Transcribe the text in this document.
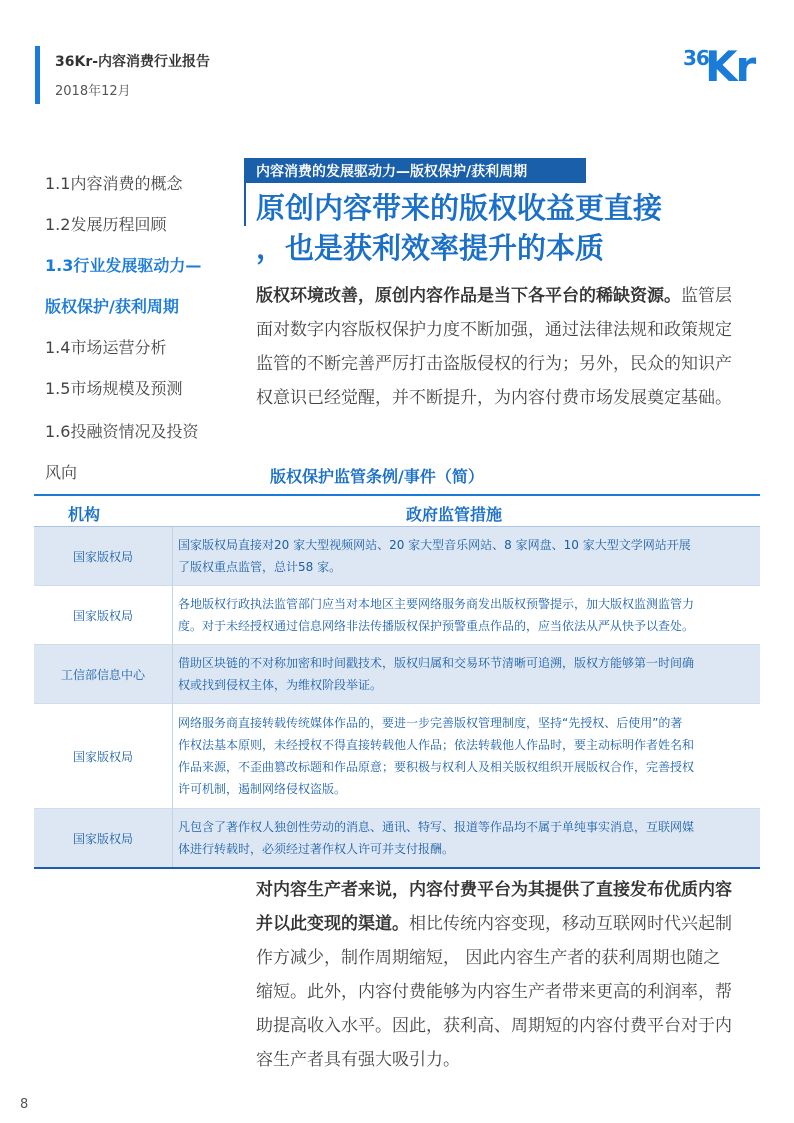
36Kr-内容消费行业报告
2018年12月
36
Kr
1.1内容消费的概念
1.2发展历程回顾
1.3行业发展驱动力—
版权保护/获利周期
1.4市场运营分析
1.5市场规模及预测
1.6投融资情况及投资
风向
内容消费的发展驱动力—版权保护/获利周期
原创内容带来的版权收益更直接
，也是获利效率提升的本质
版权环境改善，原创内容作品是当下各平台的稀缺资源。监管层面对数字内容版权保护力度不断加强，通过法律法规和政策规定监管的不断完善严厉打击盗版侵权的行为；另外，民众的知识产权意识已经觉醒，并不断提升，为内容付费市场发展奠定基础。
版权保护监管条例/事件（简）
机构	政府监管措施
国家版权局
国家版权局直接对20 家大型视频网站、20 家大型音乐网站、8 家网盘、10 家大型文学网站开展
了版权重点监管，总计58 家。
国家版权局
各地版权行政执法监管部门应当对本地区主要网络服务商发出版权预警提示，加大版权监测监管力
度。对于未经授权通过信息网络非法传播版权保护预警重点作品的，应当依法从严从快予以查处。
工信部信息中心
借助区块链的不对称加密和时间戳技术，版权归属和交易环节清晰可追溯，版权方能够第一时间确
权或找到侵权主体，为维权阶段举证。
国家版权局
网络服务商直接转载传统媒体作品的，要进一步完善版权管理制度，坚持“先授权、后使用”的著
作权法基本原则，未经授权不得直接转载他人作品；依法转载他人作品时，要主动标明作者姓名和
作品来源，不歪曲篡改标题和作品原意；要积极与权利人及相关版权组织开展版权合作，完善授权
许可机制，遏制网络侵权盗版。
国家版权局
凡包含了著作权人独创性劳动的消息、通讯、特写、报道等作品均不属于单纯事实消息，互联网媒
体进行转载时，必须经过著作权人许可并支付报酬。
对内容生产者来说，内容付费平台为其提供了直接发布优质内容并以此变现的渠道。相比传统内容变现，移动互联网时代兴起制作方减少，制作周期缩短， 因此内容生产者的获利周期也随之缩短。此外，内容付费能够为内容生产者带来更高的利润率，帮助提高收入水平。因此，获利高、周期短的内容付费平台对于内容生产者具有强大吸引力。
8
